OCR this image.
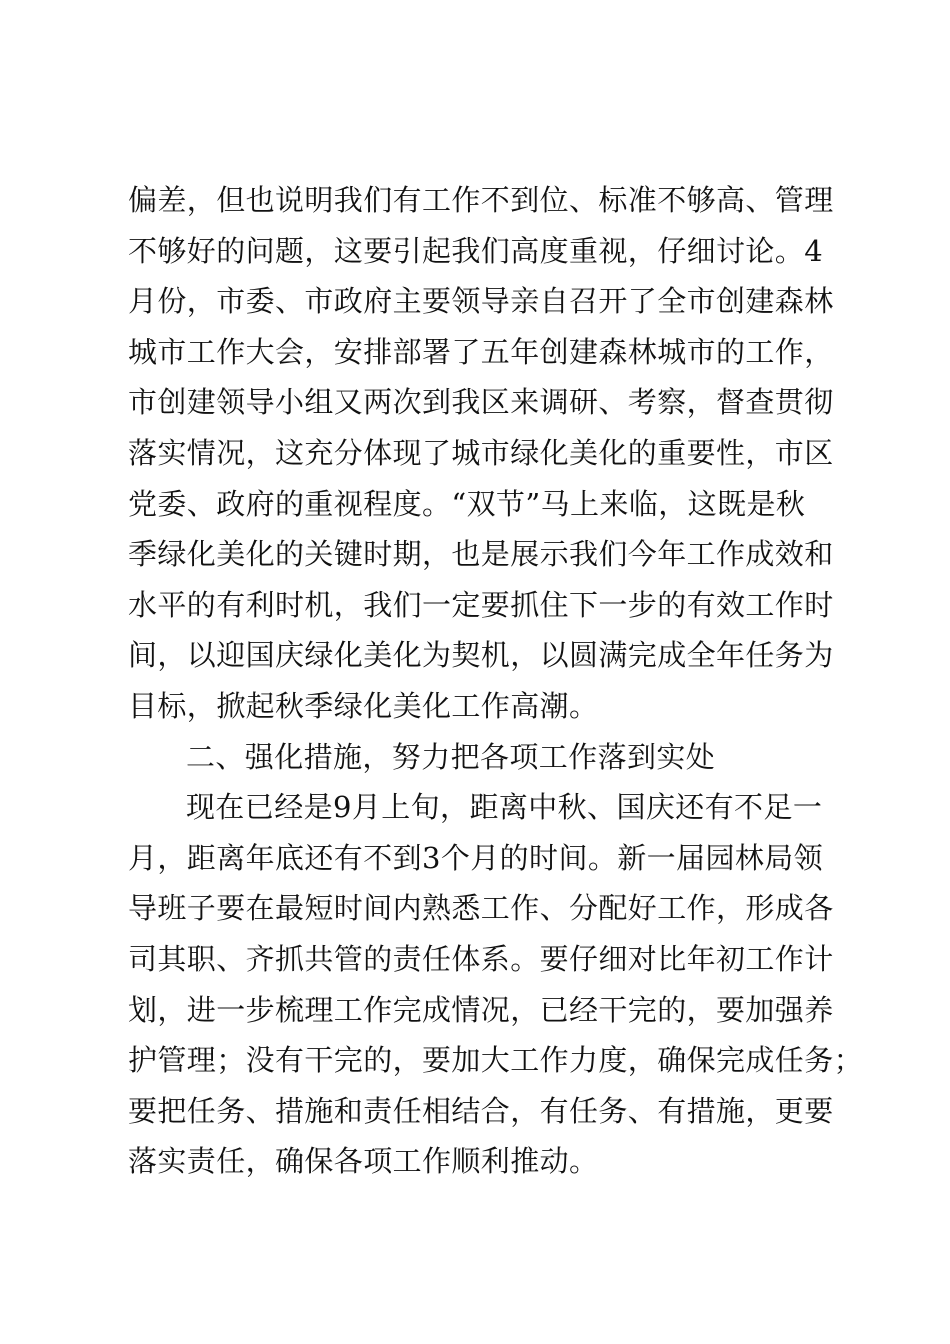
偏差，但也说明我们有工作不到位、标准不够高、管理
不够好的问题，这要引起我们高度重视，仔细讨论。4
月份，市委、市政府主要领导亲自召开了全市创建森林
城市工作大会，安排部署了五年创建森林城市的工作，
市创建领导小组又两次到我区来调研、考察，督查贯彻
落实情况，这充分体现了城市绿化美化的重要性，市区
党委、政府的重视程度。“双节”马上来临，这既是秋
季绿化美化的关键时期，也是展示我们今年工作成效和
水平的有利时机，我们一定要抓住下一步的有效工作时
间，以迎国庆绿化美化为契机，以圆满完成全年任务为
目标，掀起秋季绿化美化工作高潮。
二、强化措施，努力把各项工作落到实处
现在已经是9月上旬，距离中秋、国庆还有不足一
月，距离年底还有不到3个月的时间。新一届园林局领
导班子要在最短时间内熟悉工作、分配好工作，形成各
司其职、齐抓共管的责任体系。要仔细对比年初工作计
划，进一步梳理工作完成情况，已经干完的，要加强养
护管理；没有干完的，要加大工作力度，确保完成任务；
要把任务、措施和责任相结合，有任务、有措施，更要
落实责任，确保各项工作顺利推动。
